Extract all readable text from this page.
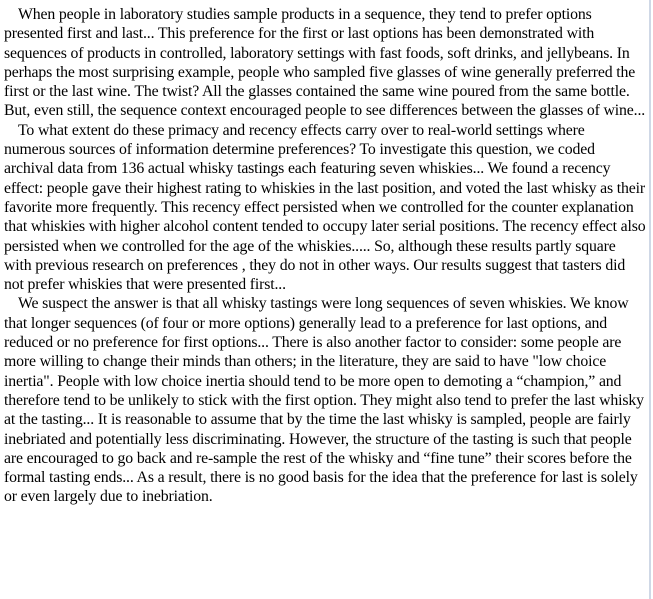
When people in laboratory studies sample products in a sequence, they tend to prefer options presented first and last... This preference for the first or last options has been demonstrated with sequences of products in controlled, laboratory settings with fast foods, soft drinks, and jellybeans. In perhaps the most surprising example, people who sampled five glasses of wine generally preferred the first or the last wine. The twist? All the glasses contained the same wine poured from the same bottle. But, even still, the sequence context encouraged people to see differences between the glasses of wine...

To what extent do these primacy and recency effects carry over to real-world settings where numerous sources of information determine preferences? To investigate this question, we coded archival data from 136 actual whisky tastings each featuring seven whiskies... We found a recency effect: people gave their highest rating to whiskies in the last position, and voted the last whisky as their favorite more frequently. This recency effect persisted when we controlled for the counter explanation that whiskies with higher alcohol content tended to occupy later serial positions. The recency effect also persisted when we controlled for the age of the whiskies..... So, although these results partly square with previous research on preferences , they do not in other ways. Our results suggest that tasters did not prefer whiskies that were presented first...

We suspect the answer is that all whisky tastings were long sequences of seven whiskies. We know that longer sequences (of four or more options) generally lead to a preference for last options, and reduced or no preference for first options... There is also another factor to consider: some people are more willing to change their minds than others; in the literature, they are said to have "low choice inertia". People with low choice inertia should tend to be more open to demoting a “champion,” and therefore tend to be unlikely to stick with the first option. They might also tend to prefer the last whisky at the tasting... It is reasonable to assume that by the time the last whisky is sampled, people are fairly inebriated and potentially less discriminating. However, the structure of the tasting is such that people are encouraged to go back and re-sample the rest of the whisky and “fine tune” their scores before the formal tasting ends... As a result, there is no good basis for the idea that the preference for last is solely or even largely due to inebriation.
